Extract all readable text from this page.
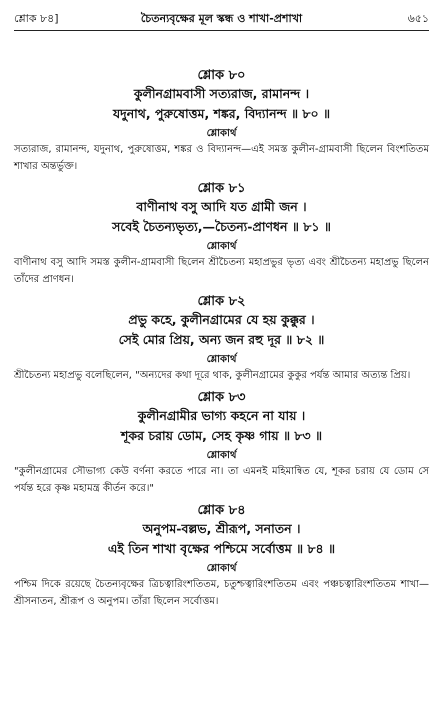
শ্লোক ৮৪]	চৈতন্যবৃক্ষের মূল স্কন্ধ ও শাখা-প্রশাখা	৬৫১
শ্লোক ৮০
কুলীনগ্রামবাসী সত্যরাজ, রামানন্দ ।
যদুনাথ, পুরুষোত্তম, শঙ্কর, বিদ্যানন্দ ॥ ৮০ ॥
শ্লোকার্থ
সত্যরাজ, রামানন্দ, যদুনাথ, পুরুষোত্তম, শঙ্কর ও বিদ্যানন্দ—এই সমস্ত কুলীন-গ্রামবাসী ছিলেন বিংশতিতম শাখার অন্তর্ভুক্ত।
শ্লোক ৮১
বাণীনাথ বসু আদি যত গ্রামী জন ।
সবেই চৈতন্যভৃত্য,—চৈতন্য-প্রাণধন ॥ ৮১ ॥
শ্লোকার্থ
বাণীনাথ বসু আদি সমস্ত কুলীন-গ্রামবাসী ছিলেন শ্রীচৈতন্য মহাপ্রভুর ভৃত্য এবং শ্রীচৈতন্য মহাপ্রভু ছিলেন তাঁদের প্রাণধন।
শ্লোক ৮২
প্রভু কহে, কুলীনগ্রামের যে হয় কুক্কুর ।
সেই মোর প্রিয়, অন্য জন রহু দূর ॥ ৮২ ॥
শ্লোকার্থ
শ্রীচৈতন্য মহাপ্রভু বলেছিলেন, "অন্যদের কথা দূরে থাক, কুলীনগ্রামের কুকুর পর্যন্ত আমার অত্যন্ত প্রিয়।
শ্লোক ৮৩
কুলীনগ্রামীর ভাগ্য কহনে না যায় ।
শূকর চরায় ডোম, সেহ কৃষ্ণ গায় ॥ ৮৩ ॥
শ্লোকার্থ
"কুলীনগ্রামের সৌভাগ্য কেউ বর্ণনা করতে পারে না। তা এমনই মহিমান্বিত যে, শূকর চরায় যে ডোম সে পর্যন্ত হরে কৃষ্ণ মহামন্ত্র কীর্তন করে।"
শ্লোক ৮৪
অনুপম-বল্লভ, শ্রীরূপ, সনাতন ।
এই তিন শাখা বৃক্ষের পশ্চিমে সর্বোত্তম ॥ ৮৪ ॥
শ্লোকার্থ
পশ্চিম দিকে রয়েছে চৈতন্যবৃক্ষের ত্রিচত্বারিংশতিতম, চতুশ্চত্বারিংশতিতম এবং পঞ্চচত্বারিংশতিতম শাখা—শ্রীসনাতন, শ্রীরূপ ও অনুপম। তাঁরা ছিলেন সর্বোত্তম।
